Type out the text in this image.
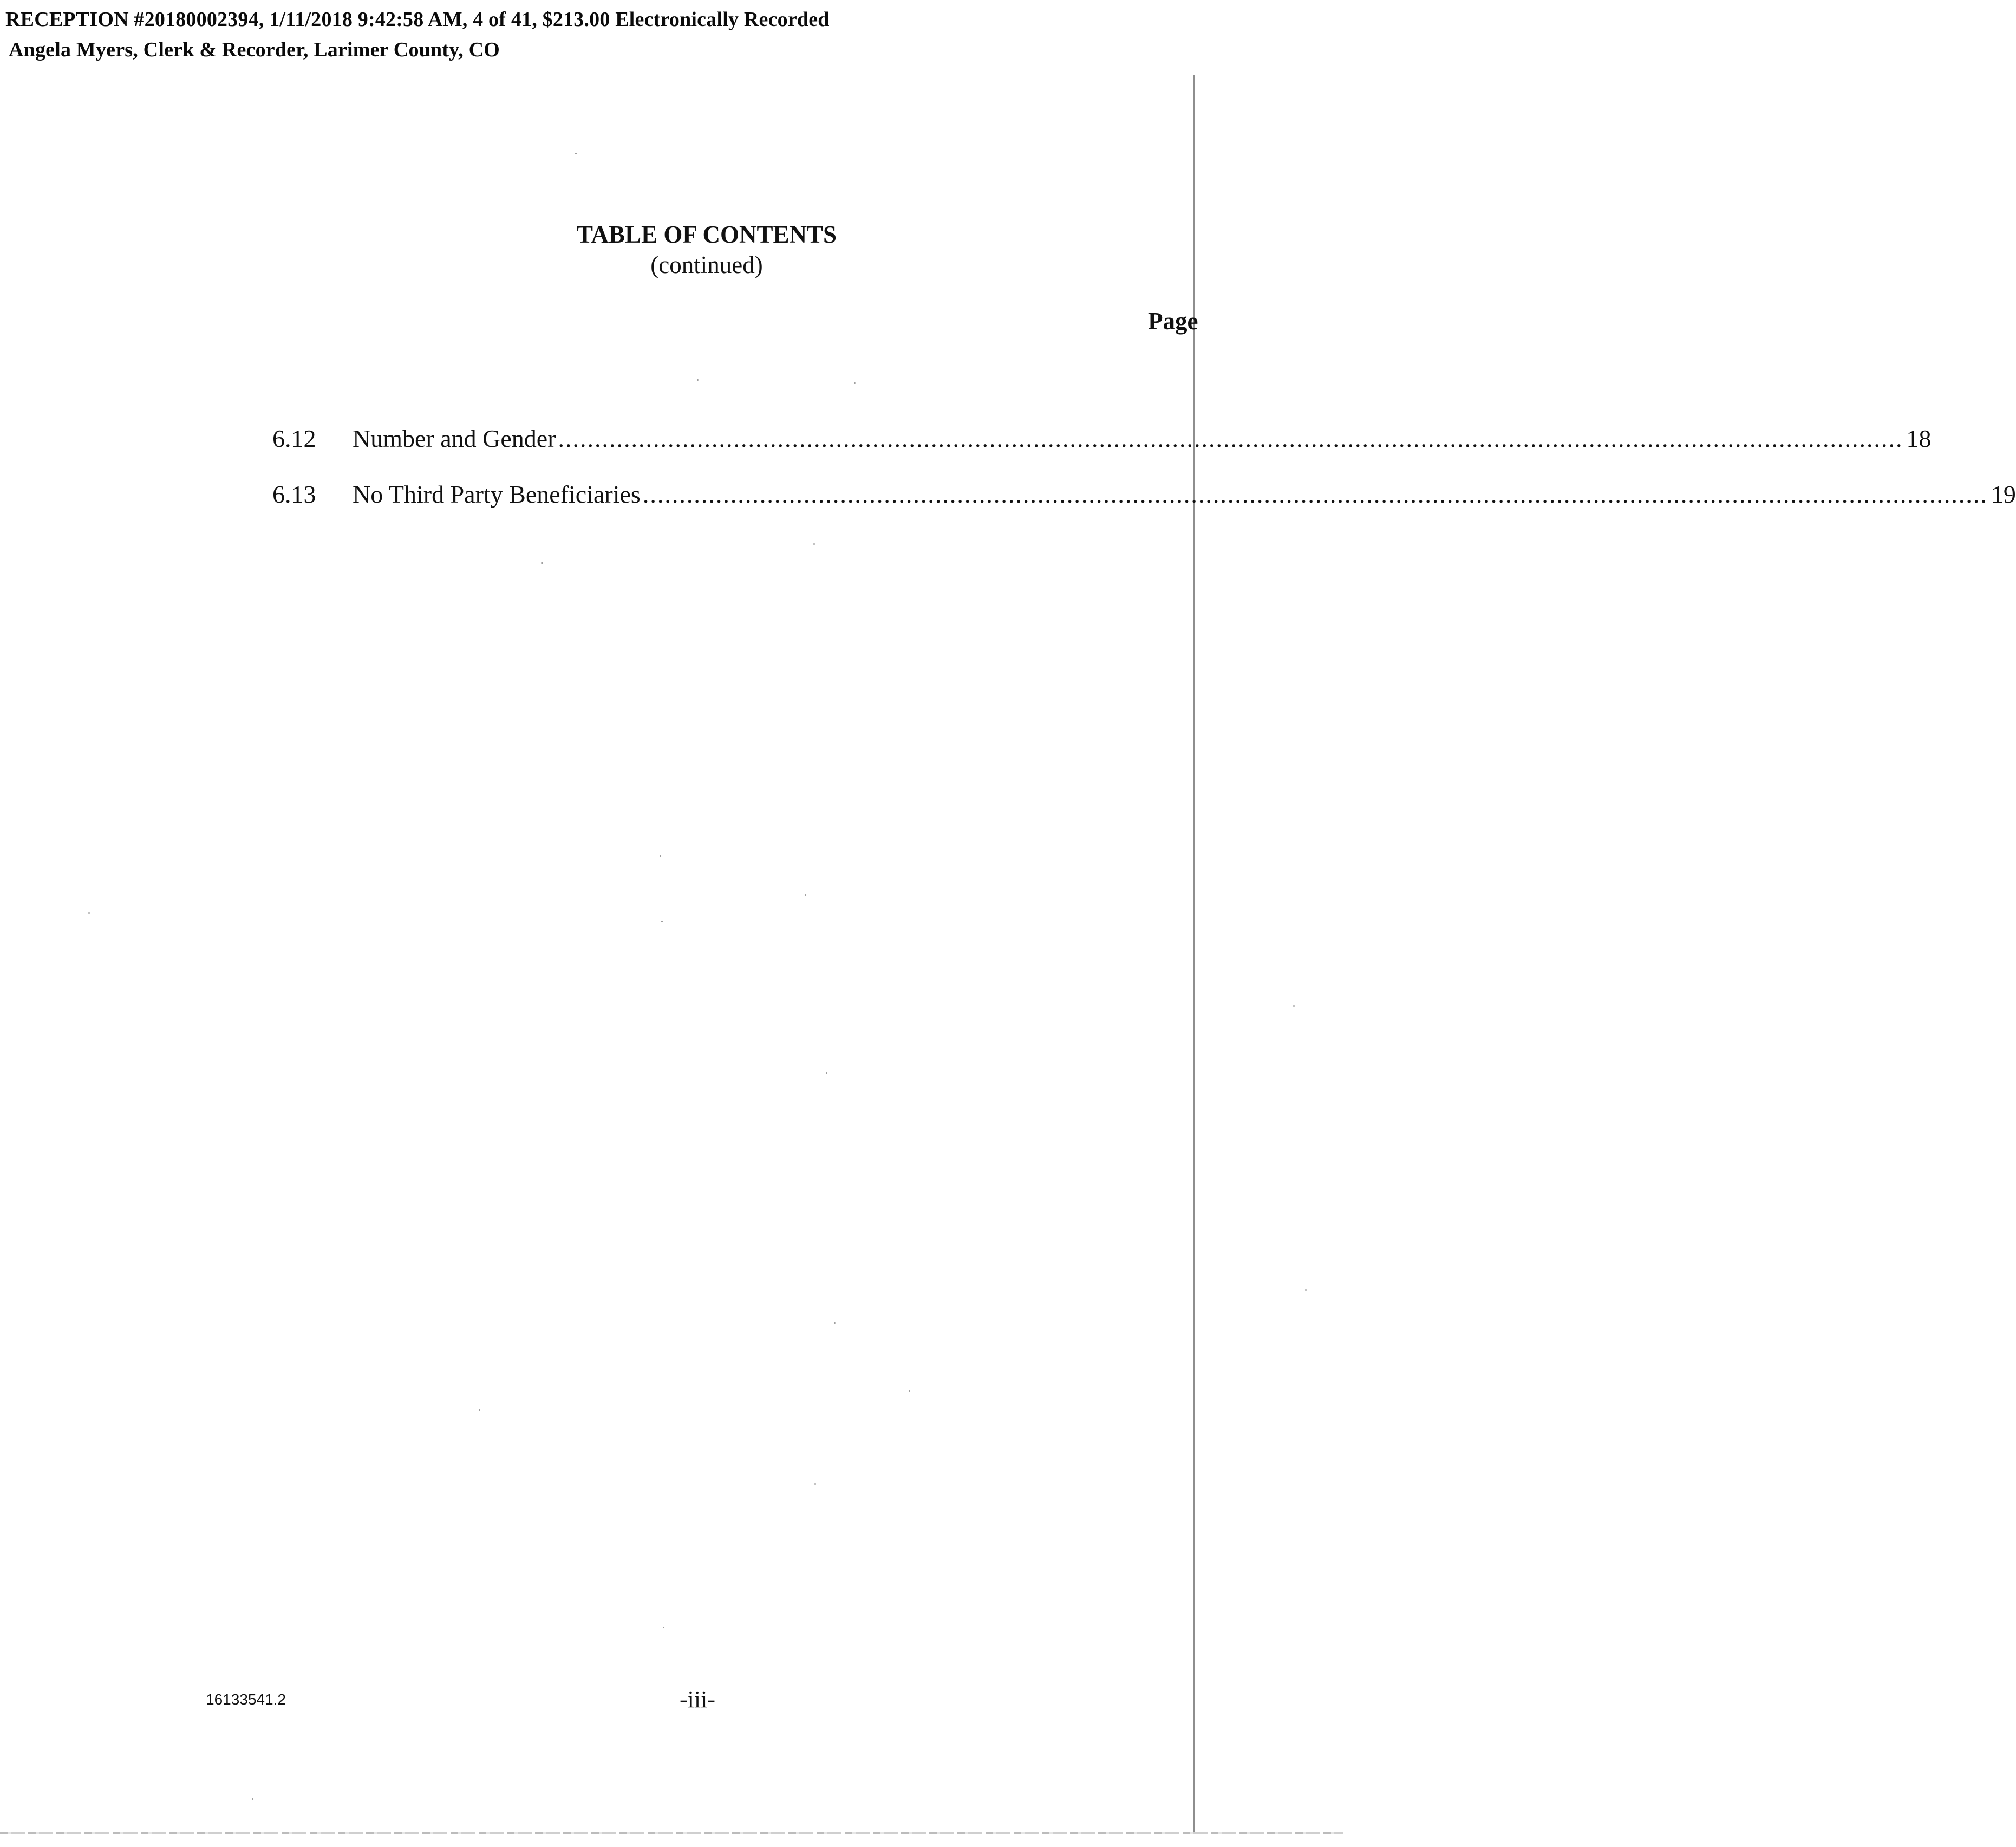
RECEPTION #20180002394, 1/11/2018 9:42:58 AM, 4 of 41, $213.00 Electronically Recorded
Angela Myers, Clerk & Recorder, Larimer County, CO
TABLE OF CONTENTS
(continued)
Page
6.12	Number and Gender ........................................................................................................................................................................................ 18
6.13	No Third Party Beneficiaries ........................................................................................................................................................................................ 19
16133541.2	-iii-
